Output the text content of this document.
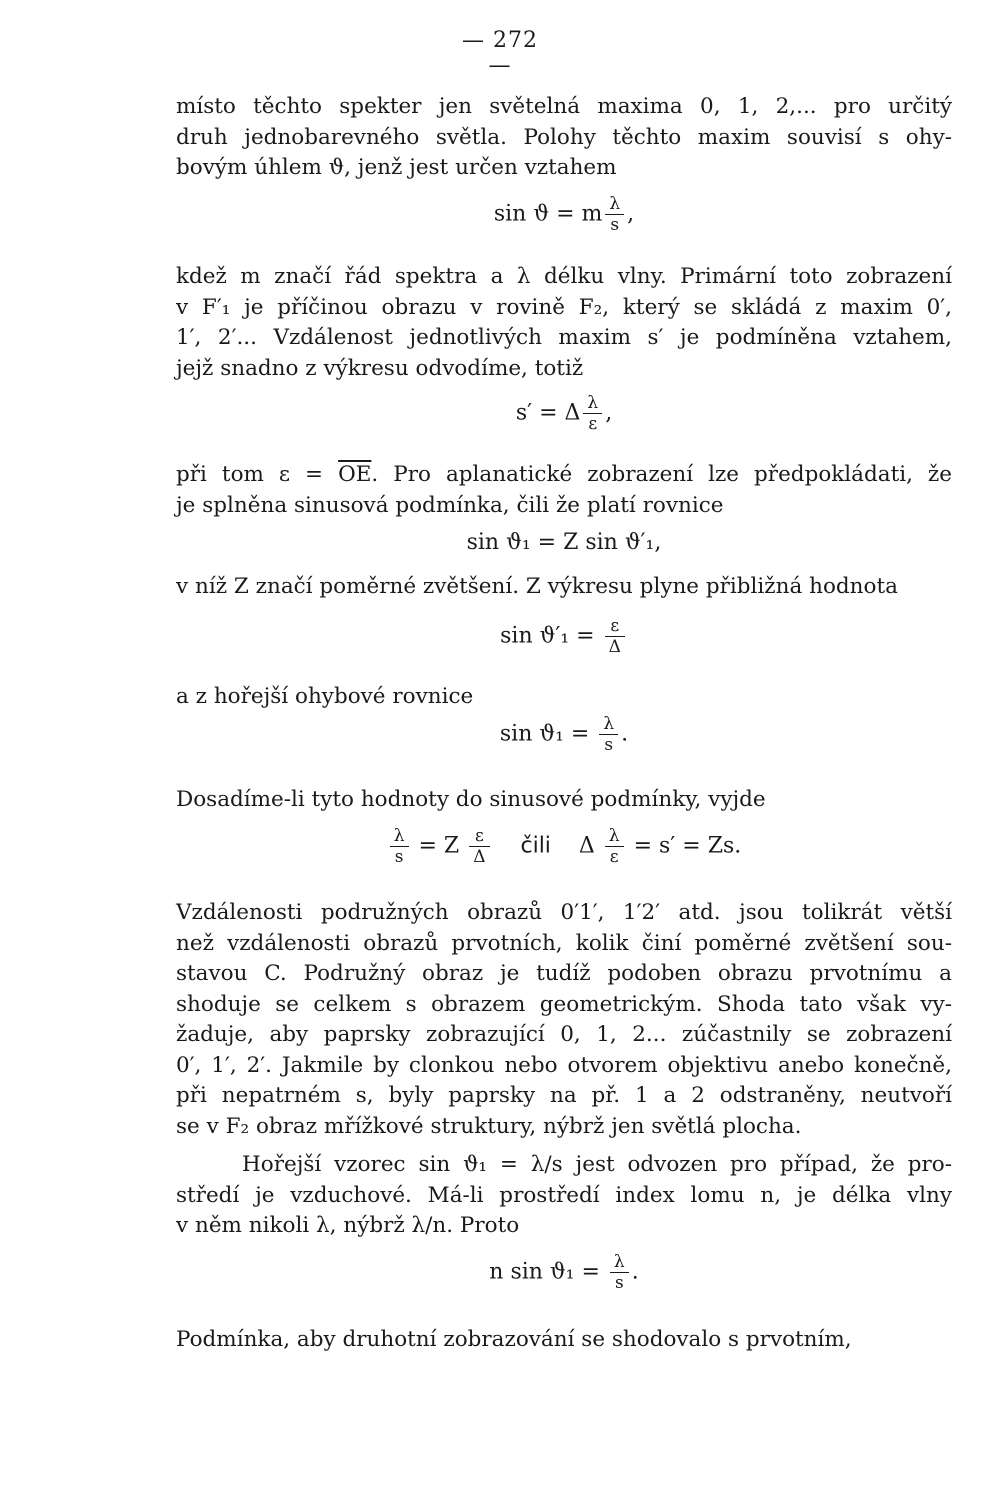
— 272 —
místo těchto spekter jen světelná maxima 0, 1, 2,... pro určitý
druh jednobarevného světla. Polohy těchto maxim souvisí s ohy-
bovým úhlem ϑ, jenž jest určen vztahem
sin ϑ = m $\frac{\lambda}{s}$ ,
kdež m značí řád spektra a λ délku vlny. Primární toto zobrazení
v F′₁ je příčinou obrazu v rovině F₂, který se skládá z maxim 0′,
1′, 2′... Vzdálenost jednotlivých maxim s′ je podmíněna vztahem,
jejž snadno z výkresu odvodíme, totiž
s′ = Δ $\frac{\lambda}{\varepsilon}$ ,
při tom $\varepsilon = \overline{OE}$. Pro aplanatické zobrazení lze předpokládati, že
je splněna sinusová podmínka, čili že platí rovnice
sin ϑ₁ = Z sin ϑ′₁,
v níž Z značí poměrné zvětšení. Z výkresu plyne přibližná hodnota
$\sin ϑ'_1 = \frac{\varepsilon}{\Delta}$
a z hořejší ohybové rovnice
$\sin ϑ_1 = \frac{\lambda}{s}$ .
Dosadíme-li tyto hodnoty do sinusové podmínky, vyjde
$\frac{\lambda}{s} = Z \frac{\varepsilon}{\Delta}$ čili Δ $\frac{\lambda}{\varepsilon} = s' = Zs$.
Vzdálenosti podružných obrazů 0′1′, 1′2′ atd. jsou tolikrát větší
než vzdálenosti obrazů prvotních, kolik činí poměrné zvětšení sou-
stavou C. Podružný obraz je tudíž podoben obrazu prvotnímu a
shoduje se celkem s obrazem geometrickým. Shoda tato však vy-
žaduje, aby paprsky zobrazující 0, 1, 2... zúčastnily se zobrazení
0′, 1′, 2′. Jakmile by clonkou nebo otvorem objektivu anebo konečně,
při nepatrném s, byly paprsky na př. 1 a 2 odstraněny, neutvoří
se v F₂ obraz mřížkové struktury, nýbrž jen světlá plocha.
Hořejší vzorec sin ϑ₁ = λ/s jest odvozen pro případ, že pro-
středí je vzduchové. Má-li prostředí index lomu n, je délka vlny
v něm nikoli λ, nýbrž λ/n. Proto
n $\sin ϑ_1 = \frac{\lambda}{s}$ .
Podmínka, aby druhotní zobrazování se shodovalo s prvotním,
